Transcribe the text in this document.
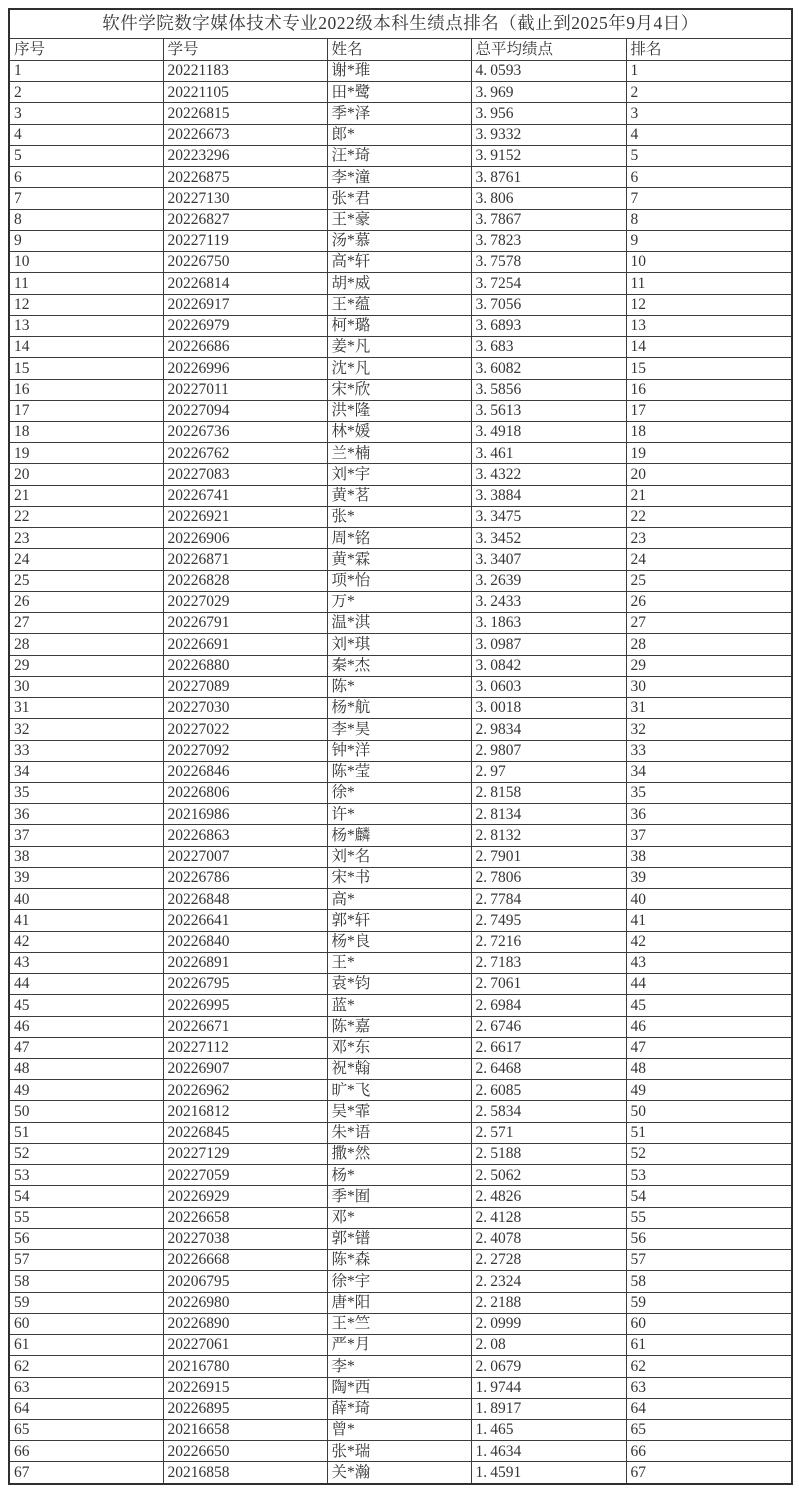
软件学院数字媒体技术专业2022级本科生绩点排名（截止到2025年9月4日）				
序号	学号	姓名	总平均绩点	排名
1	20221183	谢*琟	4. 0593	1
2	20221105	田*鹭	3. 969	2
3	20226815	季*泽	3. 956	3
4	20226673	郎*	3. 9332	4
5	20223296	汪*琦	3. 9152	5
6	20226875	李*潼	3. 8761	6
7	20227130	张*君	3. 806	7
8	20226827	王*豪	3. 7867	8
9	20227119	汤*慕	3. 7823	9
10	20226750	高*轩	3. 7578	10
11	20226814	胡*威	3. 7254	11
12	20226917	王*蕴	3. 7056	12
13	20226979	柯*璐	3. 6893	13
14	20226686	姜*凡	3. 683	14
15	20226996	沈*凡	3. 6082	15
16	20227011	宋*欣	3. 5856	16
17	20227094	洪*隆	3. 5613	17
18	20226736	林*媛	3. 4918	18
19	20226762	兰*楠	3. 461	19
20	20227083	刘*宇	3. 4322	20
21	20226741	黄*茗	3. 3884	21
22	20226921	张*	3. 3475	22
23	20226906	周*铭	3. 3452	23
24	20226871	黄*霖	3. 3407	24
25	20226828	项*怡	3. 2639	25
26	20227029	万*	3. 2433	26
27	20226791	温*淇	3. 1863	27
28	20226691	刘*琪	3. 0987	28
29	20226880	秦*杰	3. 0842	29
30	20227089	陈*	3. 0603	30
31	20227030	杨*航	3. 0018	31
32	20227022	李*昊	2. 9834	32
33	20227092	钟*洋	2. 9807	33
34	20226846	陈*莹	2. 97	34
35	20226806	徐*	2. 8158	35
36	20216986	许*	2. 8134	36
37	20226863	杨*麟	2. 8132	37
38	20227007	刘*名	2. 7901	38
39	20226786	宋*书	2. 7806	39
40	20226848	高*	2. 7784	40
41	20226641	郭*轩	2. 7495	41
42	20226840	杨*良	2. 7216	42
43	20226891	王*	2. 7183	43
44	20226795	袁*钧	2. 7061	44
45	20226995	蓝*	2. 6984	45
46	20226671	陈*嘉	2. 6746	46
47	20227112	邓*东	2. 6617	47
48	20226907	祝*翰	2. 6468	48
49	20226962	旷*飞	2. 6085	49
50	20216812	吴*霏	2. 5834	50
51	20226845	朱*语	2. 571	51
52	20227129	撒*然	2. 5188	52
53	20227059	杨*	2. 5062	53
54	20226929	季*囿	2. 4826	54
55	20226658	邓*	2. 4128	55
56	20227038	郭*镨	2. 4078	56
57	20226668	陈*森	2. 2728	57
58	20206795	徐*宇	2. 2324	58
59	20226980	唐*阳	2. 2188	59
60	20226890	王*竺	2. 0999	60
61	20227061	严*月	2. 08	61
62	20216780	李*	2. 0679	62
63	20226915	陶*西	1. 9744	63
64	20226895	薛*琦	1. 8917	64
65	20216658	曾*	1. 465	65
66	20226650	张*瑞	1. 4634	66
67	20216858	关*瀚	1. 4591	67
